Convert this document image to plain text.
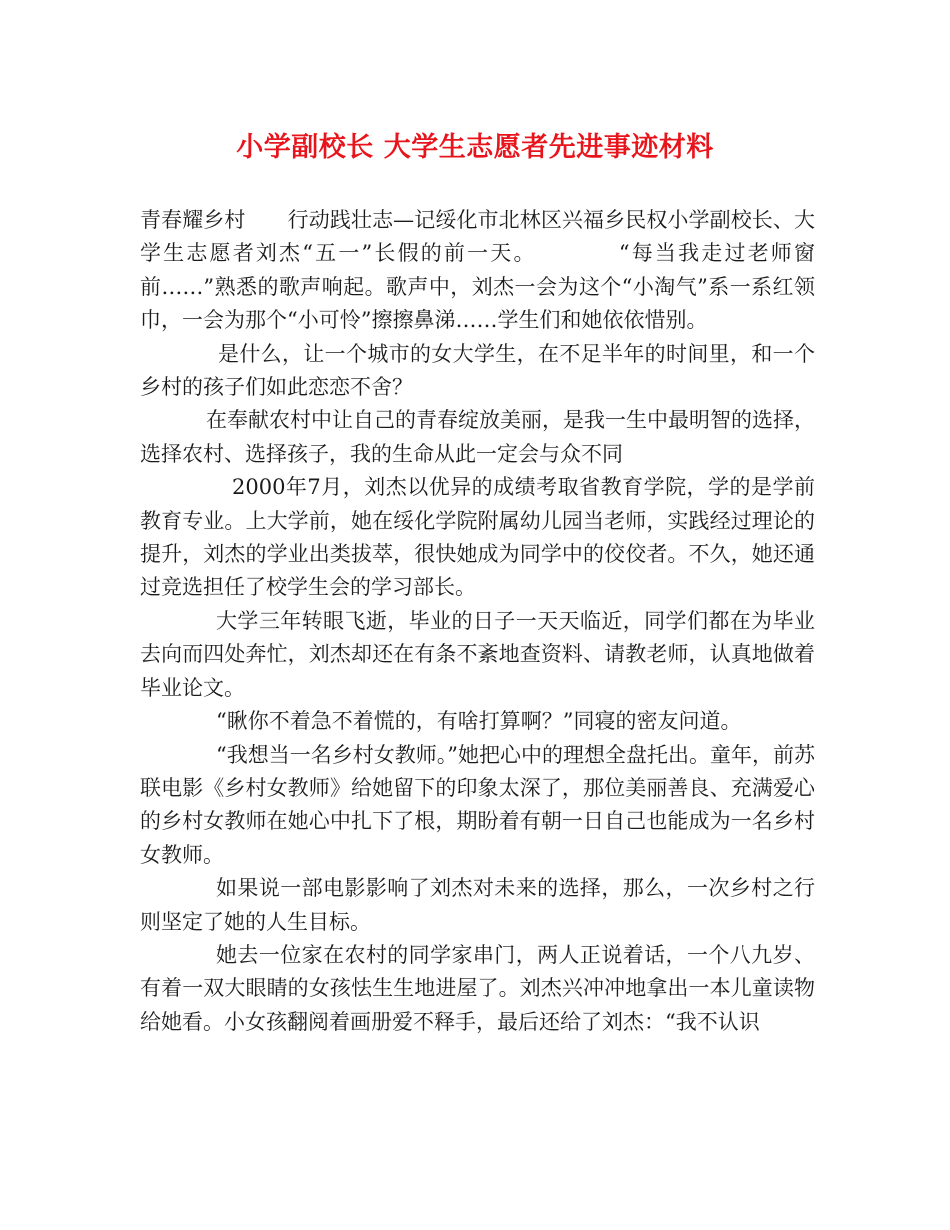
小学副校长 大学生志愿者先进事迹材料

青春耀乡村　　行动践壮志—记绥化市北林区兴福乡民权小学副校长、大学生志愿者刘杰“五一”长假的前一天。　　　　“每当我走过老师窗前……”熟悉的歌声响起。歌声中，刘杰一会为这个“小淘气”系一系红领巾，一会为那个“小可怜”擦擦鼻涕……学生们和她依依惜别。

是什么，让一个城市的女大学生，在不足半年的时间里，和一个乡村的孩子们如此恋恋不舍？

在奉献农村中让自己的青春绽放美丽，是我一生中最明智的选择，选择农村、选择孩子，我的生命从此一定会与众不同

2000年7月，刘杰以优异的成绩考取省教育学院，学的是学前教育专业。上大学前，她在绥化学院附属幼儿园当老师，实践经过理论的提升，刘杰的学业出类拔萃，很快她成为同学中的佼佼者。不久，她还通过竞选担任了校学生会的学习部长。

大学三年转眼飞逝，毕业的日子一天天临近，同学们都在为毕业去向而四处奔忙，刘杰却还在有条不紊地查资料、请教老师，认真地做着毕业论文。

“瞅你不着急不着慌的，有啥打算啊？”同寝的密友问道。

“我想当一名乡村女教师。”她把心中的理想全盘托出。童年，前苏联电影《乡村女教师》给她留下的印象太深了，那位美丽善良、充满爱心的乡村女教师在她心中扎下了根，期盼着有朝一日自己也能成为一名乡村女教师。

如果说一部电影影响了刘杰对未来的选择，那么，一次乡村之行则坚定了她的人生目标。

她去一位家在农村的同学家串门，两人正说着话，一个八九岁、有着一双大眼睛的女孩怯生生地进屋了。刘杰兴冲冲地拿出一本儿童读物给她看。小女孩翻阅着画册爱不释手，最后还给了刘杰：“我不认识
